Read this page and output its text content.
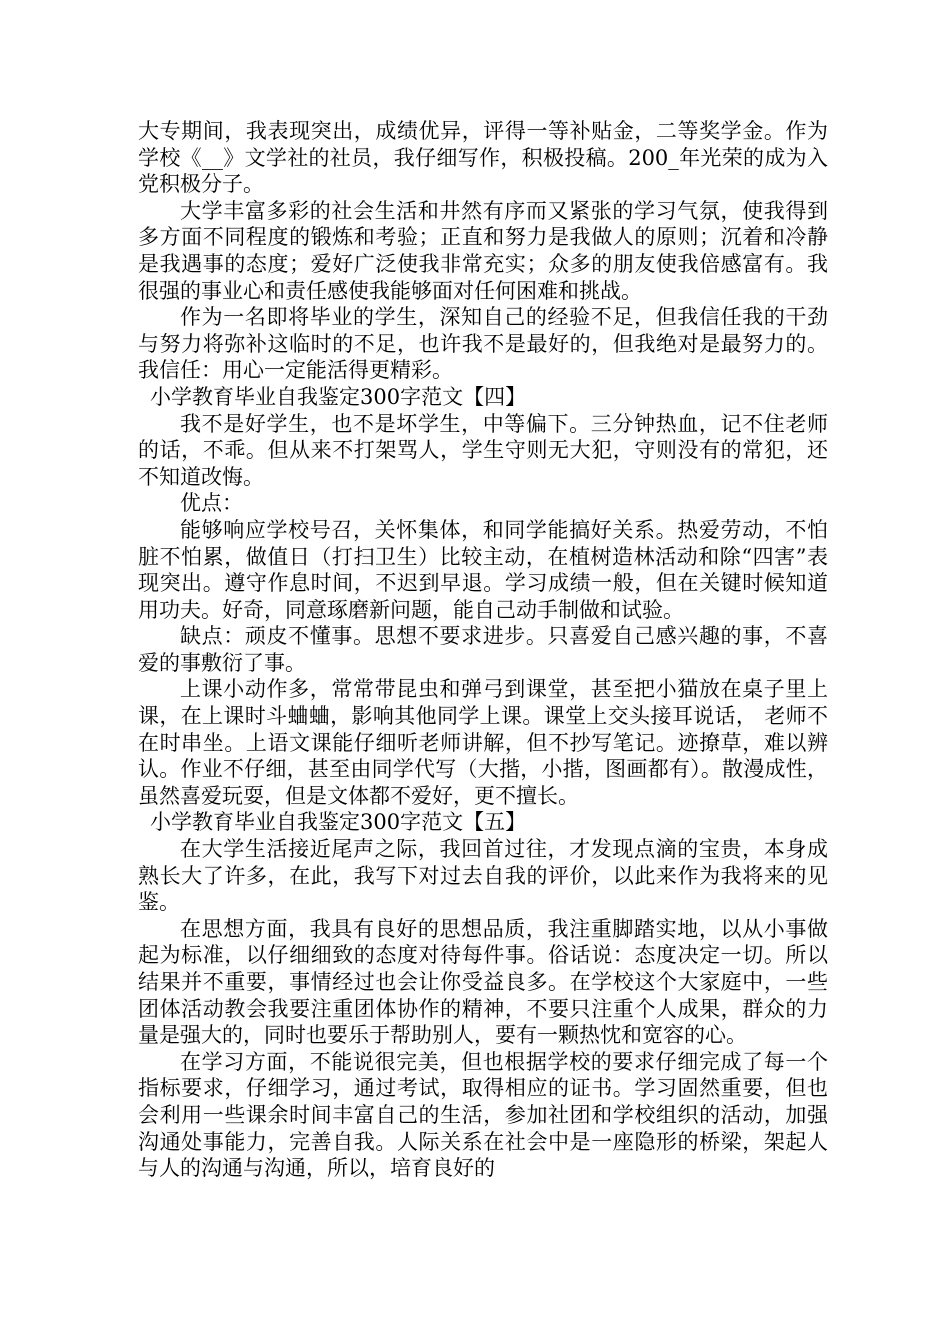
大专期间，我表现突出，成绩优异，评得一等补贴金，二等奖学金。作为学校《__》文学社的社员，我仔细写作，积极投稿。200_年光荣的成为入党积极分子。

大学丰富多彩的社会生活和井然有序而又紧张的学习气氛，使我得到多方面不同程度的锻炼和考验；正直和努力是我做人的原则；沉着和冷静是我遇事的态度；爱好广泛使我非常充实；众多的朋友使我倍感富有。我很强的事业心和责任感使我能够面对任何困难和挑战。

作为一名即将毕业的学生，深知自己的经验不足，但我信任我的干劲与努力将弥补这临时的不足，也许我不是最好的，但我绝对是最努力的。我信任：用心一定能活得更精彩。

小学教育毕业自我鉴定300字范文【四】

我不是好学生，也不是坏学生，中等偏下。三分钟热血，记不住老师的话，不乖。但从来不打架骂人，学生守则无大犯，守则没有的常犯，还不知道改悔。

优点：

能够响应学校号召，关怀集体，和同学能搞好关系。热爱劳动，不怕脏不怕累，做值日（打扫卫生）比较主动，在植树造林活动和除“四害”表现突出。遵守作息时间，不迟到早退。学习成绩一般，但在关键时候知道用功夫。好奇，同意琢磨新问题，能自己动手制做和试验。

缺点：顽皮不懂事。思想不要求进步。只喜爱自己感兴趣的事，不喜爱的事敷衍了事。

上课小动作多，常常带昆虫和弹弓到课堂，甚至把小猫放在桌子里上课，在上课时斗蛐蛐，影响其他同学上课。课堂上交头接耳说话， 老师不在时串坐。上语文课能仔细听老师讲解，但不抄写笔记。迹撩草，难以辨认。作业不仔细，甚至由同学代写（大揩，小揩，图画都有）。散漫成性，虽然喜爱玩耍，但是文体都不爱好，更不擅长。

小学教育毕业自我鉴定300字范文【五】

在大学生活接近尾声之际，我回首过往，才发现点滴的宝贵，本身成熟长大了许多，在此，我写下对过去自我的评价，以此来作为我将来的见鉴。

在思想方面，我具有良好的思想品质，我注重脚踏实地，以从小事做起为标准，以仔细细致的态度对待每件事。俗话说：态度决定一切。所以结果并不重要，事情经过也会让你受益良多。在学校这个大家庭中，一些团体活动教会我要注重团体协作的精神，不要只注重个人成果，群众的力量是强大的，同时也要乐于帮助别人，要有一颗热忱和宽容的心。

在学习方面，不能说很完美，但也根据学校的要求仔细完成了每一个指标要求，仔细学习，通过考试，取得相应的证书。学习固然重要，但也会利用一些课余时间丰富自己的生活，参加社团和学校组织的活动，加强沟通处事能力，完善自我。人际关系在社会中是一座隐形的桥梁，架起人与人的沟通与沟通，所以，培育良好的
